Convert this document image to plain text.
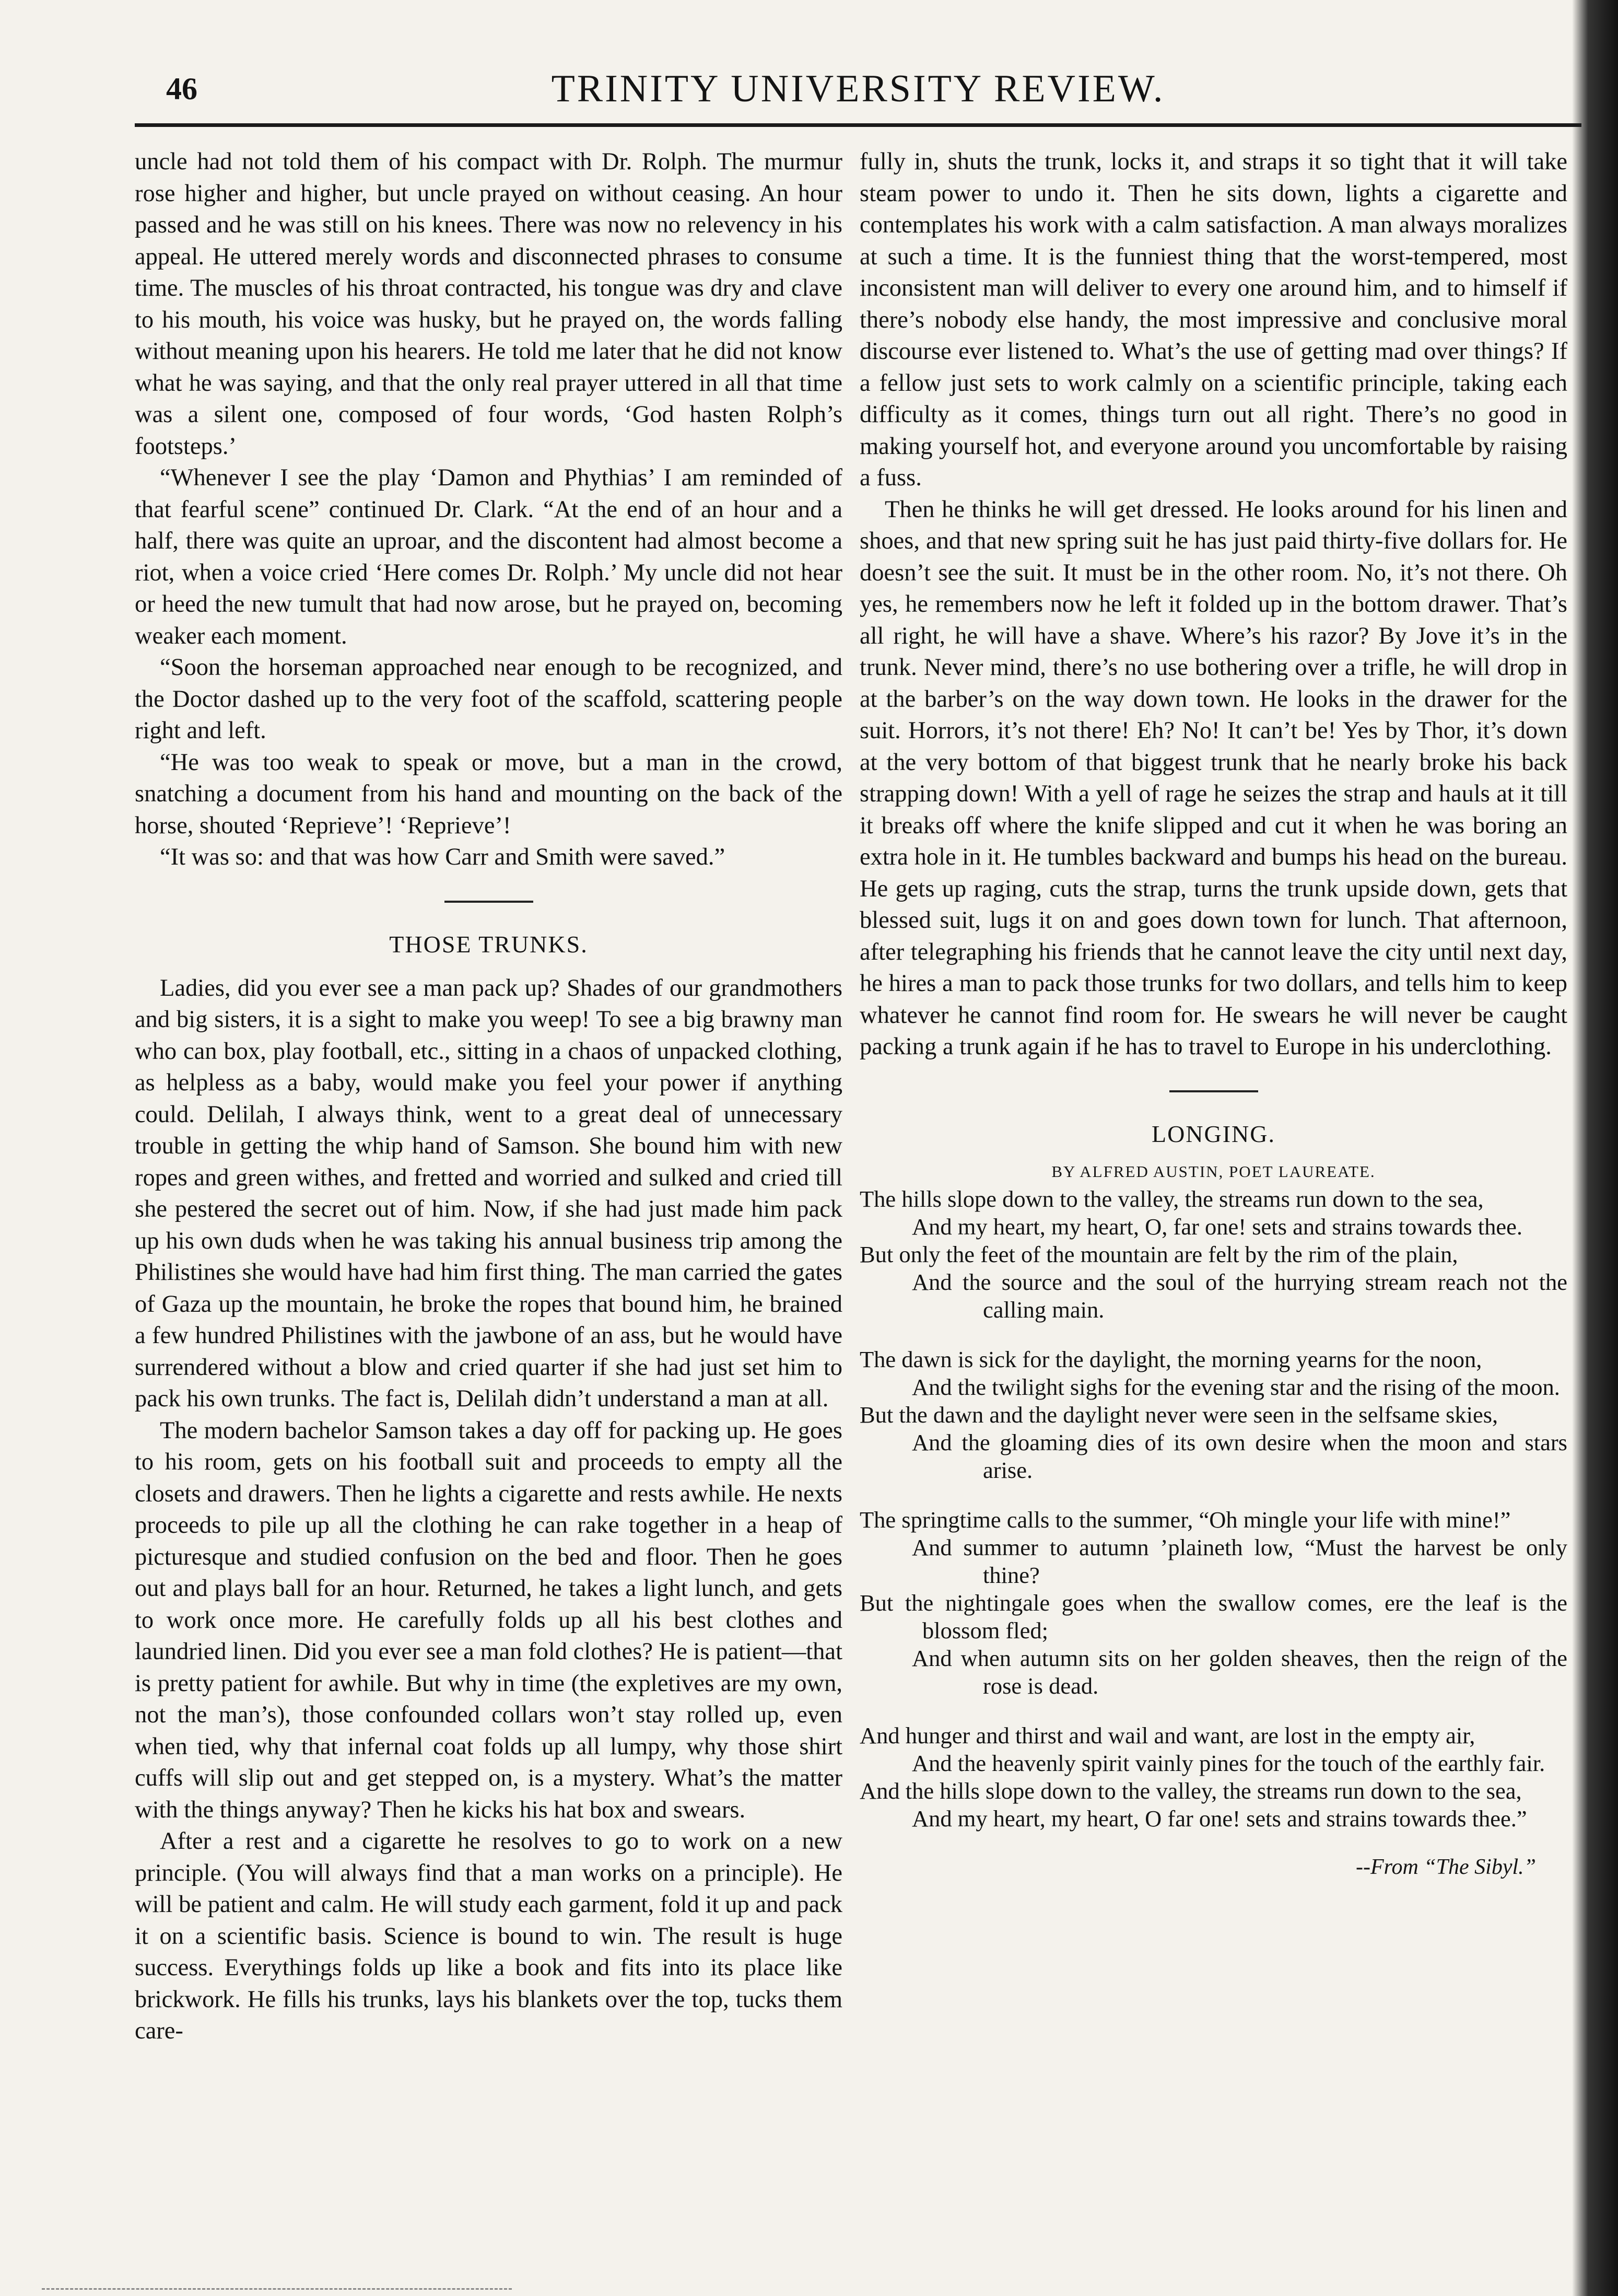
46	TRINITY UNIVERSITY REVIEW.

uncle had not told them of his compact with Dr. Rolph. The murmur rose higher and higher, but uncle prayed on without ceasing. An hour passed and he was still on his knees. There was now no relevency in his appeal. He uttered merely words and disconnected phrases to consume time. The muscles of his throat contracted, his tongue was dry and clave to his mouth, his voice was husky, but he prayed on, the words falling without meaning upon his hearers. He told me later that he did not know what he was saying, and that the only real prayer uttered in all that time was a silent one, composed of four words, ‘God hasten Rolph’s footsteps.’

“Whenever I see the play ‘Damon and Phythias’ I am reminded of that fearful scene” continued Dr. Clark. “At the end of an hour and a half, there was quite an uproar, and the discontent had almost become a riot, when a voice cried ‘Here comes Dr. Rolph.’ My uncle did not hear or heed the new tumult that had now arose, but he prayed on, becoming weaker each moment.

“Soon the horseman approached near enough to be recognized, and the Doctor dashed up to the very foot of the scaffold, scattering people right and left.

“He was too weak to speak or move, but a man in the crowd, snatching a document from his hand and mounting on the back of the horse, shouted ‘Reprieve’! ‘Reprieve’!

“It was so: and that was how Carr and Smith were saved.”

THOSE TRUNKS.

Ladies, did you ever see a man pack up? Shades of our grandmothers and big sisters, it is a sight to make you weep! To see a big brawny man who can box, play football, etc., sitting in a chaos of unpacked clothing, as helpless as a baby, would make you feel your power if anything could. Delilah, I always think, went to a great deal of unnecessary trouble in getting the whip hand of Samson. She bound him with new ropes and green withes, and fretted and worried and sulked and cried till she pestered the secret out of him. Now, if she had just made him pack up his own duds when he was taking his annual business trip among the Philistines she would have had him first thing. The man carried the gates of Gaza up the mountain, he broke the ropes that bound him, he brained a few hundred Philistines with the jawbone of an ass, but he would have surrendered without a blow and cried quarter if she had just set him to pack his own trunks. The fact is, Delilah didn’t understand a man at all.

The modern bachelor Samson takes a day off for packing up. He goes to his room, gets on his football suit and proceeds to empty all the closets and drawers. Then he lights a cigarette and rests awhile. He nexts proceeds to pile up all the clothing he can rake together in a heap of picturesque and studied confusion on the bed and floor. Then he goes out and plays ball for an hour. Returned, he takes a light lunch, and gets to work once more. He carefully folds up all his best clothes and laundried linen. Did you ever see a man fold clothes? He is patient—that is pretty patient for awhile. But why in time (the expletives are my own, not the man’s), those confounded collars won’t stay rolled up, even when tied, why that infernal coat folds up all lumpy, why those shirt cuffs will slip out and get stepped on, is a mystery. What’s the matter with the things anyway? Then he kicks his hat box and swears.

After a rest and a cigarette he resolves to go to work on a new principle. (You will always find that a man works on a principle). He will be patient and calm. He will study each garment, fold it up and pack it on a scientific basis. Science is bound to win. The result is huge success. Everythings folds up like a book and fits into its place like brickwork. He fills his trunks, lays his blankets over the top, tucks them care-

fully in, shuts the trunk, locks it, and straps it so tight that it will take steam power to undo it. Then he sits down, lights a cigarette and contemplates his work with a calm satisfaction. A man always moralizes at such a time. It is the funniest thing that the worst-tempered, most inconsistent man will deliver to every one around him, and to himself if there’s nobody else handy, the most impressive and conclusive moral discourse ever listened to. What’s the use of getting mad over things? If a fellow just sets to work calmly on a scientific principle, taking each difficulty as it comes, things turn out all right. There’s no good in making yourself hot, and everyone around you uncomfortable by raising a fuss.

Then he thinks he will get dressed. He looks around for his linen and shoes, and that new spring suit he has just paid thirty-five dollars for. He doesn’t see the suit. It must be in the other room. No, it’s not there. Oh yes, he remembers now he left it folded up in the bottom drawer. That’s all right, he will have a shave. Where’s his razor? By Jove it’s in the trunk. Never mind, there’s no use bothering over a trifle, he will drop in at the barber’s on the way down town. He looks in the drawer for the suit. Horrors, it’s not there! Eh? No! It can’t be! Yes by Thor, it’s down at the very bottom of that biggest trunk that he nearly broke his back strapping down! With a yell of rage he seizes the strap and hauls at it till it breaks off where the knife slipped and cut it when he was boring an extra hole in it. He tumbles backward and bumps his head on the bureau. He gets up raging, cuts the strap, turns the trunk upside down, gets that blessed suit, lugs it on and goes down town for lunch. That afternoon, after telegraphing his friends that he cannot leave the city until next day, he hires a man to pack those trunks for two dollars, and tells him to keep whatever he cannot find room for. He swears he will never be caught packing a trunk again if he has to travel to Europe in his underclothing.

LONGING.
BY ALFRED AUSTIN, POET LAUREATE.
The hills slope down to the valley, the streams run down to the sea,
And my heart, my heart, O, far one! sets and strains towards thee.
But only the feet of the mountain are felt by the rim of the plain,
And the source and the soul of the hurrying stream reach not the calling main.
The dawn is sick for the daylight, the morning yearns for the noon,
And the twilight sighs for the evening star and the rising of the moon.
But the dawn and the daylight never were seen in the selfsame skies,
And the gloaming dies of its own desire when the moon and stars arise.
The springtime calls to the summer, “Oh mingle your life with mine!”
And summer to autumn ’plaineth low, “Must the harvest be only thine?
But the nightingale goes when the swallow comes, ere the leaf is the blossom fled;
And when autumn sits on her golden sheaves, then the reign of the rose is dead.
And hunger and thirst and wail and want, are lost in the empty air,
And the heavenly spirit vainly pines for the touch of the earthly fair.
And the hills slope down to the valley, the streams run down to the sea,
And my heart, my heart, O far one! sets and strains towards thee.”
--From “The Sibyl.”
